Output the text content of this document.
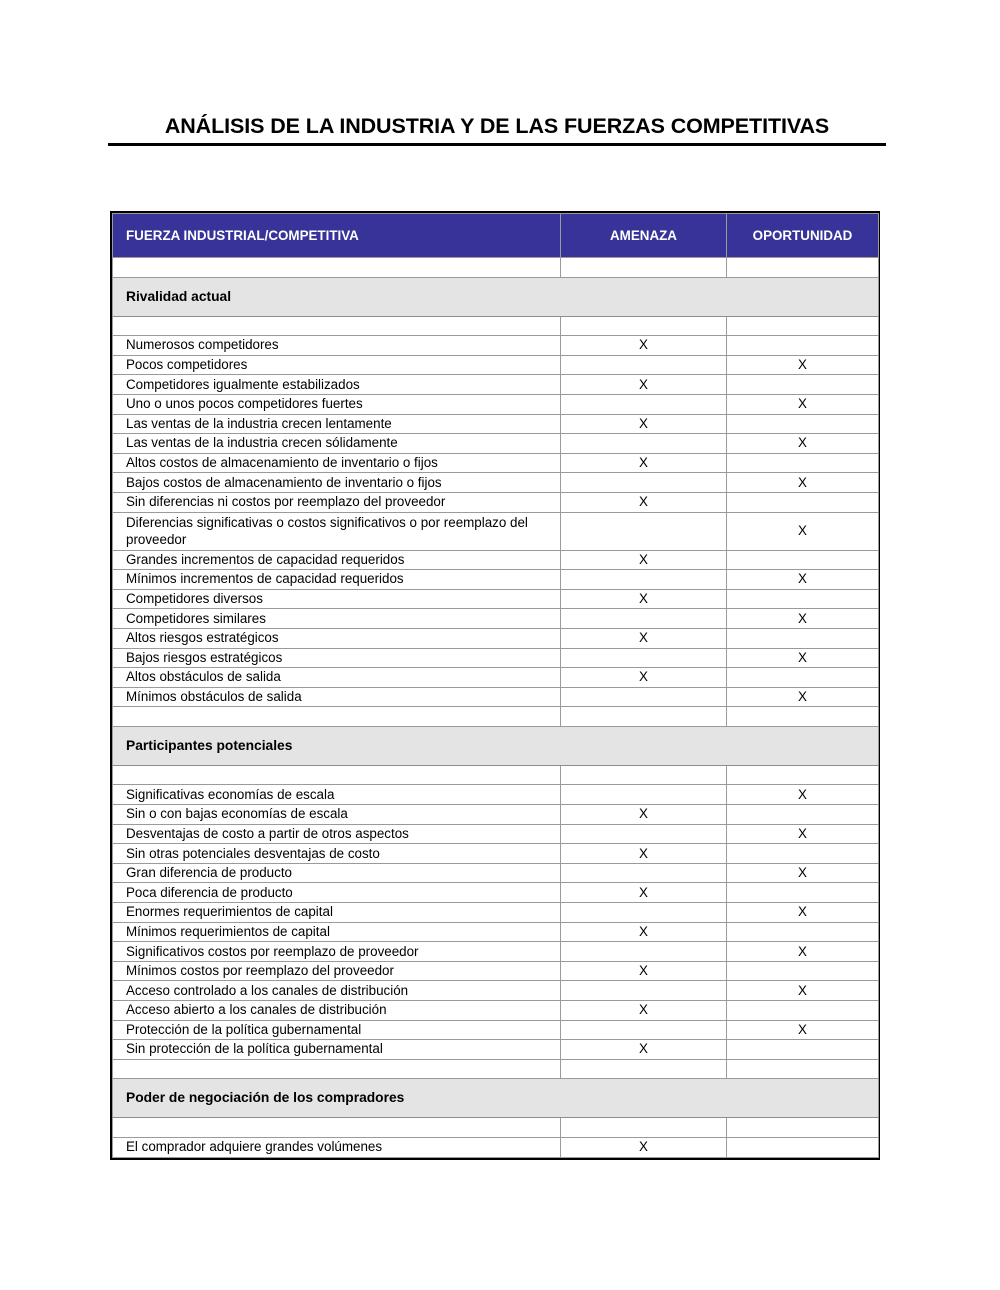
ANÁLISIS DE LA INDUSTRIA Y DE LAS FUERZAS COMPETITIVAS
FUERZA INDUSTRIAL/COMPETITIVA	AMENAZA	OPORTUNIDAD

Rivalidad actual		

Numerosos competidores	X	
Pocos competidores		X
Competidores igualmente estabilizados	X	
Uno o unos pocos competidores fuertes		X
Las ventas de la industria crecen lentamente	X	
Las ventas de la industria crecen sólidamente		X
Altos costos de almacenamiento de inventario o fijos	X	
Bajos costos de almacenamiento de inventario o fijos		X
Sin diferencias ni costos por reemplazo del proveedor	X	
Diferencias significativas o costos significativos o por reemplazo del proveedor		X
Grandes incrementos de capacidad requeridos	X	
Mínimos incrementos de capacidad requeridos		X
Competidores diversos	X	
Competidores similares		X
Altos riesgos estratégicos	X	
Bajos riesgos estratégicos		X
Altos obstáculos de salida	X	
Mínimos obstáculos de salida		X

Participantes potenciales		

Significativas economías de escala		X
Sin o con bajas economías de escala	X	
Desventajas de costo a partir de otros aspectos		X
Sin otras potenciales desventajas de costo	X	
Gran diferencia de producto		X
Poca diferencia de producto	X	
Enormes requerimientos de capital		X
Mínimos requerimientos de capital	X	
Significativos costos por reemplazo de proveedor		X
Mínimos costos por reemplazo del proveedor	X	
Acceso controlado a los canales de distribución		X
Acceso abierto a los canales de distribución	X	
Protección de la política gubernamental		X
Sin protección de la política gubernamental	X	

Poder de negociación de los compradores		

El comprador adquiere grandes volúmenes	X	
